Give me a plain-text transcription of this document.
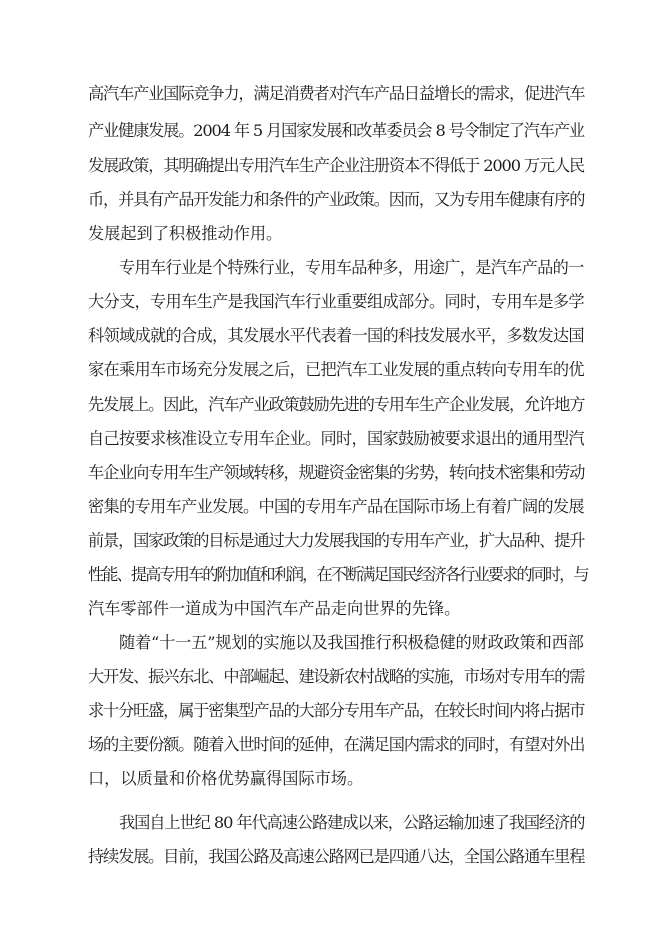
高汽车产业国际竞争力，满足消费者对汽车产品日益增长的需求，促进汽车

产业健康发展。2004 年 5 月国家发展和改革委员会 8 号令制定了汽车产业

发展政策，其明确提出专用汽车生产企业注册资本不得低于 2000 万元人民

币，并具有产品开发能力和条件的产业政策。因而，又为专用车健康有序的

发展起到了积极推动作用。

专用车行业是个特殊行业，专用车品种多，用途广，是汽车产品的一

大分支，专用车生产是我国汽车行业重要组成部分。同时，专用车是多学

科领域成就的合成，其发展水平代表着一国的科技发展水平，多数发达国

家在乘用车市场充分发展之后，已把汽车工业发展的重点转向专用车的优

先发展上。因此，汽车产业政策鼓励先进的专用车生产企业发展，允许地方

自己按要求核准设立专用车企业。同时，国家鼓励被要求退出的通用型汽

车企业向专用车生产领域转移，规避资金密集的劣势，转向技术密集和劳动

密集的专用车产业发展。中国的专用车产品在国际市场上有着广阔的发展

前景，国家政策的目标是通过大力发展我国的专用车产业，扩大品种、提升

性能、提高专用车的附加值和利润，在不断满足国民经济各行业要求的同时，与

汽车零部件一道成为中国汽车产品走向世界的先锋。

随着“十一五”规划的实施以及我国推行积极稳健的财政政策和西部

大开发、振兴东北、中部崛起、建设新农村战略的实施，市场对专用车的需

求十分旺盛，属于密集型产品的大部分专用车产品，在较长时间内将占据市

场的主要份额。随着入世时间的延伸，在满足国内需求的同时，有望对外出

口，以质量和价格优势赢得国际市场。

我国自上世纪 80 年代高速公路建成以来，公路运输加速了我国经济的

持续发展。目前，我国公路及高速公路网已是四通八达，全国公路通车里程
